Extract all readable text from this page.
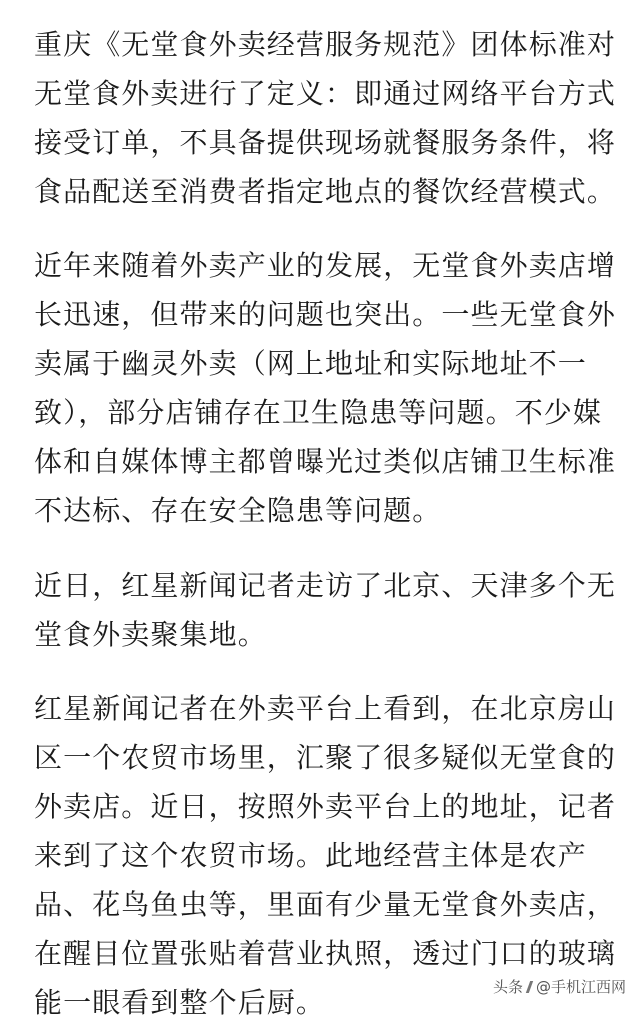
重庆《无堂食外卖经营服务规范》团体标准对
无堂食外卖进行了定义：即通过网络平台方式
接受订单，不具备提供现场就餐服务条件，将
食品配送至消费者指定地点的餐饮经营模式。

近年来随着外卖产业的发展，无堂食外卖店增
长迅速，但带来的问题也突出。一些无堂食外
卖属于幽灵外卖（网上地址和实际地址不一
致），部分店铺存在卫生隐患等问题。不少媒
体和自媒体博主都曾曝光过类似店铺卫生标准
不达标、存在安全隐患等问题。

近日，红星新闻记者走访了北京、天津多个无
堂食外卖聚集地。

红星新闻记者在外卖平台上看到，在北京房山
区一个农贸市场里，汇聚了很多疑似无堂食的
外卖店。近日，按照外卖平台上的地址，记者
来到了这个农贸市场。此地经营主体是农产
品、花鸟鱼虫等，里面有少量无堂食外卖店，
在醒目位置张贴着营业执照，透过门口的玻璃
能一眼看到整个后厨。	头条 @手机江西网
